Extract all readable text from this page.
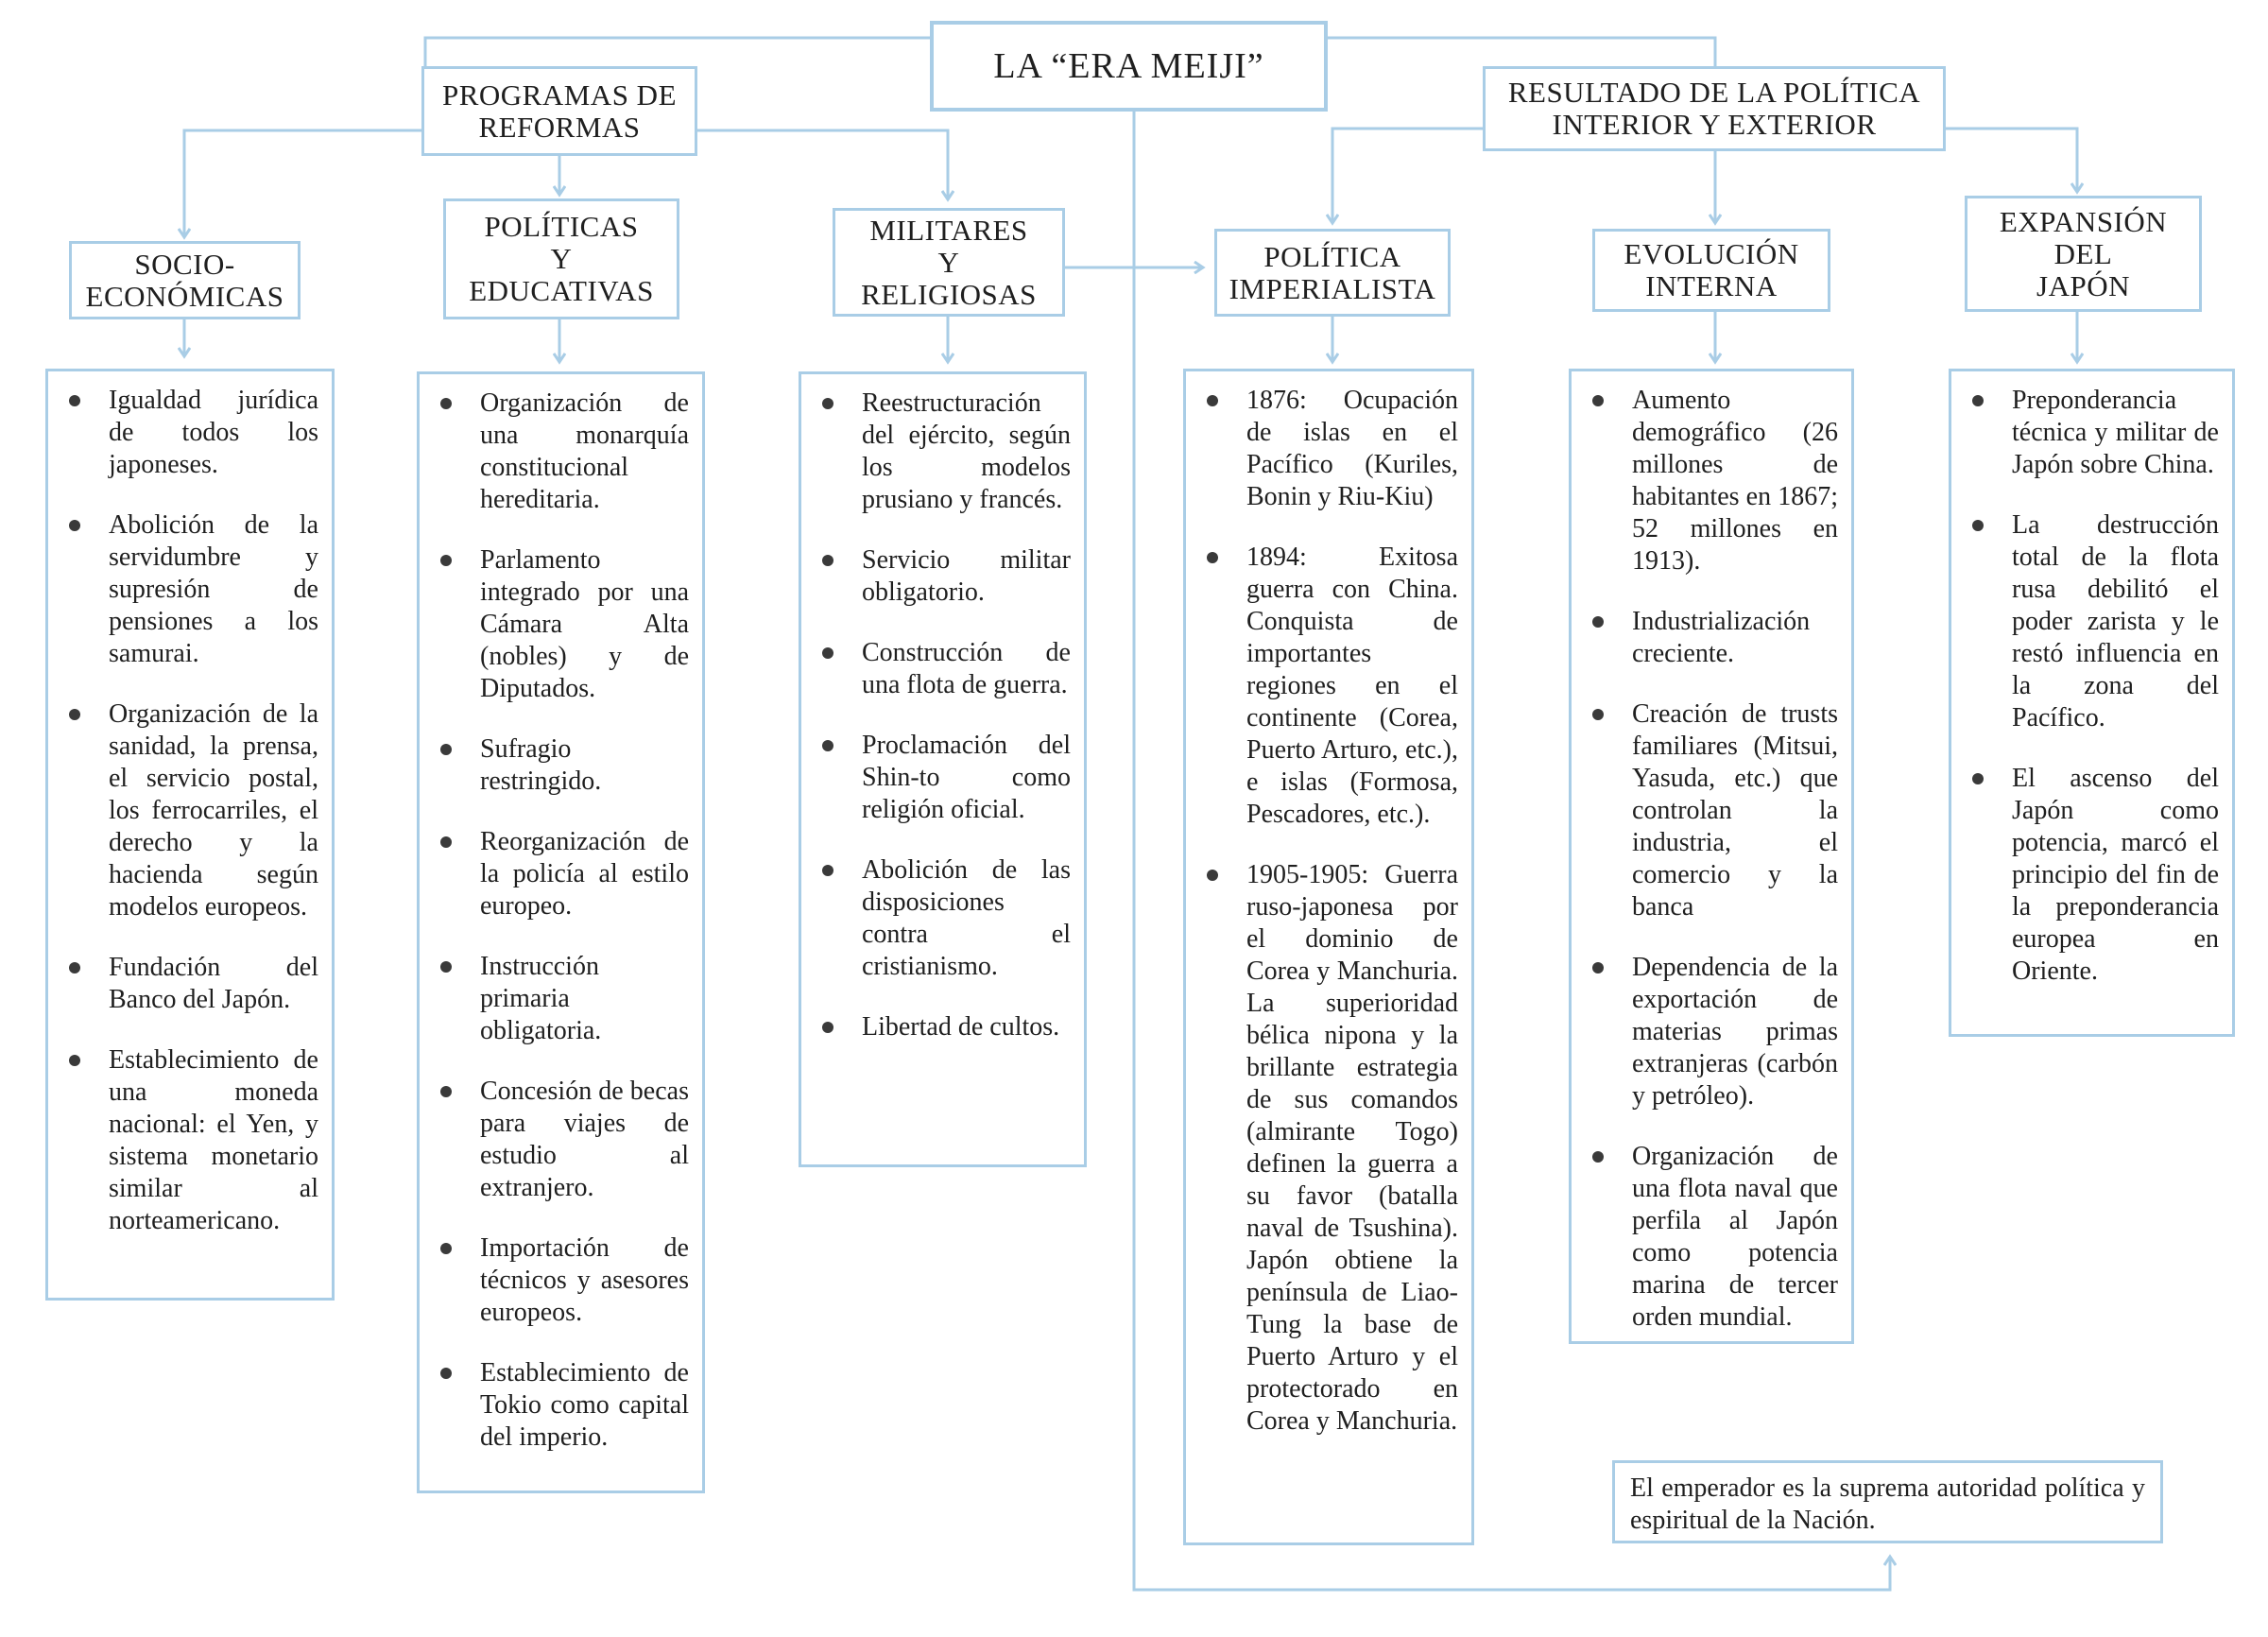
LA “ERA MEIJI”
PROGRAMAS DE
REFORMAS
RESULTADO DE LA POLÍTICA
INTERIOR Y EXTERIOR
SOCIO-
ECONÓMICAS
POLÍTICAS
Y
EDUCATIVAS
MILITARES
Y
RELIGIOSAS
POLÍTICA
IMPERIALISTA
EVOLUCIÓN
INTERNA
EXPANSIÓN
DEL
JAPÓN
Igualdad jurídica de todos los japoneses.
Abolición de la servidumbre y supresión de pensiones a los samurai.
Organización de la sanidad, la prensa, el servicio postal, los ferrocarriles, el derecho y la hacienda según modelos europeos.
Fundación del Banco del Japón.
Establecimiento de una moneda nacional: el Yen, y sistema monetario similar al norteamericano.
Organización de una monarquía constitucional hereditaria.
Parlamento integrado por una Cámara Alta (nobles) y de Diputados.
Sufragio restringido.
Reorganización de la policía al estilo europeo.
Instrucción primaria obligatoria.
Concesión de becas para viajes de estudio al extranjero.
Importación de técnicos y asesores europeos.
Establecimiento de Tokio como capital del imperio.
Reestructuración del ejército, según los modelos prusiano y francés.
Servicio militar obligatorio.
Construcción de una flota de guerra.
Proclamación del Shin-to como religión oficial.
Abolición de las disposiciones contra el cristianismo.
Libertad de cultos.
1876: Ocupación de islas en el Pacífico (Kuriles, Bonin y Riu-Kiu)
1894: Exitosa guerra con China. Conquista de importantes regiones en el continente (Corea, Puerto Arturo, etc.), e islas (Formosa, Pescadores, etc.).
1905-1905: Guerra ruso-japonesa por el dominio de Corea y Manchuria. La superioridad bélica nipona y la brillante estrategia de sus comandos (almirante Togo) definen la guerra a su favor (batalla naval de Tsushina). Japón obtiene la península de Liao-Tung la base de Puerto Arturo y el protectorado en Corea y Manchuria.
Aumento demográfico (26 millones de habitantes en 1867; 52 millones en 1913).
Industrialización creciente.
Creación de trusts familiares (Mitsui, Yasuda, etc.) que controlan la industria, el comercio y la banca
Dependencia de la exportación de materias primas extranjeras (carbón y petróleo).
Organización de una flota naval que perfila al Japón como potencia marina de tercer orden mundial.
Preponderancia técnica y militar de Japón sobre China.
La destrucción total de la flota rusa debilitó el poder zarista y le restó influencia en la zona del Pacífico.
El ascenso del Japón como potencia, marcó el principio del fin de la preponderancia europea en Oriente.
El emperador es la suprema autoridad política y espiritual de la Nación.
